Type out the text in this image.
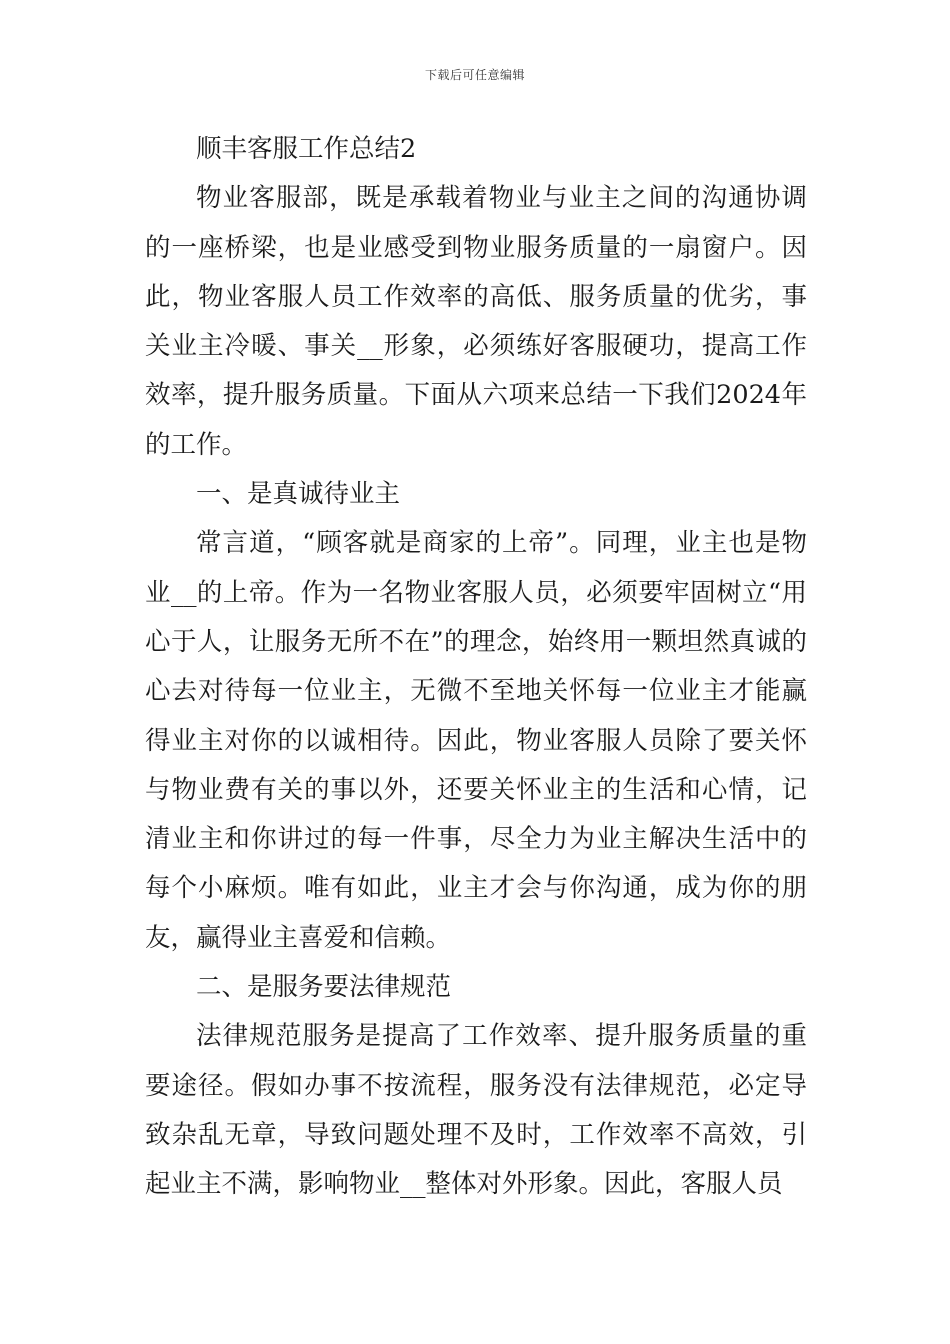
下载后可任意编辑

顺丰客服工作总结2

物业客服部，既是承载着物业与业主之间的沟通协调的一座桥梁，也是业感受到物业服务质量的一扇窗户。因此，物业客服人员工作效率的高低、服务质量的优劣，事关业主冷暖、事关__形象，必须练好客服硬功，提高工作效率，提升服务质量。下面从六项来总结一下我们2024年的工作。

一、是真诚待业主

常言道，“顾客就是商家的上帝”。同理，业主也是物业__的上帝。作为一名物业客服人员，必须要牢固树立“用心于人，让服务无所不在”的理念，始终用一颗坦然真诚的心去对待每一位业主，无微不至地关怀每一位业主才能赢得业主对你的以诚相待。因此，物业客服人员除了要关怀与物业费有关的事以外，还要关怀业主的生活和心情，记清业主和你讲过的每一件事，尽全力为业主解决生活中的每个小麻烦。唯有如此，业主才会与你沟通，成为你的朋友，赢得业主喜爱和信赖。

二、是服务要法律规范

法律规范服务是提高了工作效率、提升服务质量的重要途径。假如办事不按流程，服务没有法律规范，必定导致杂乱无章，导致问题处理不及时，工作效率不高效，引起业主不满，影响物业__整体对外形象。因此，客服人员
